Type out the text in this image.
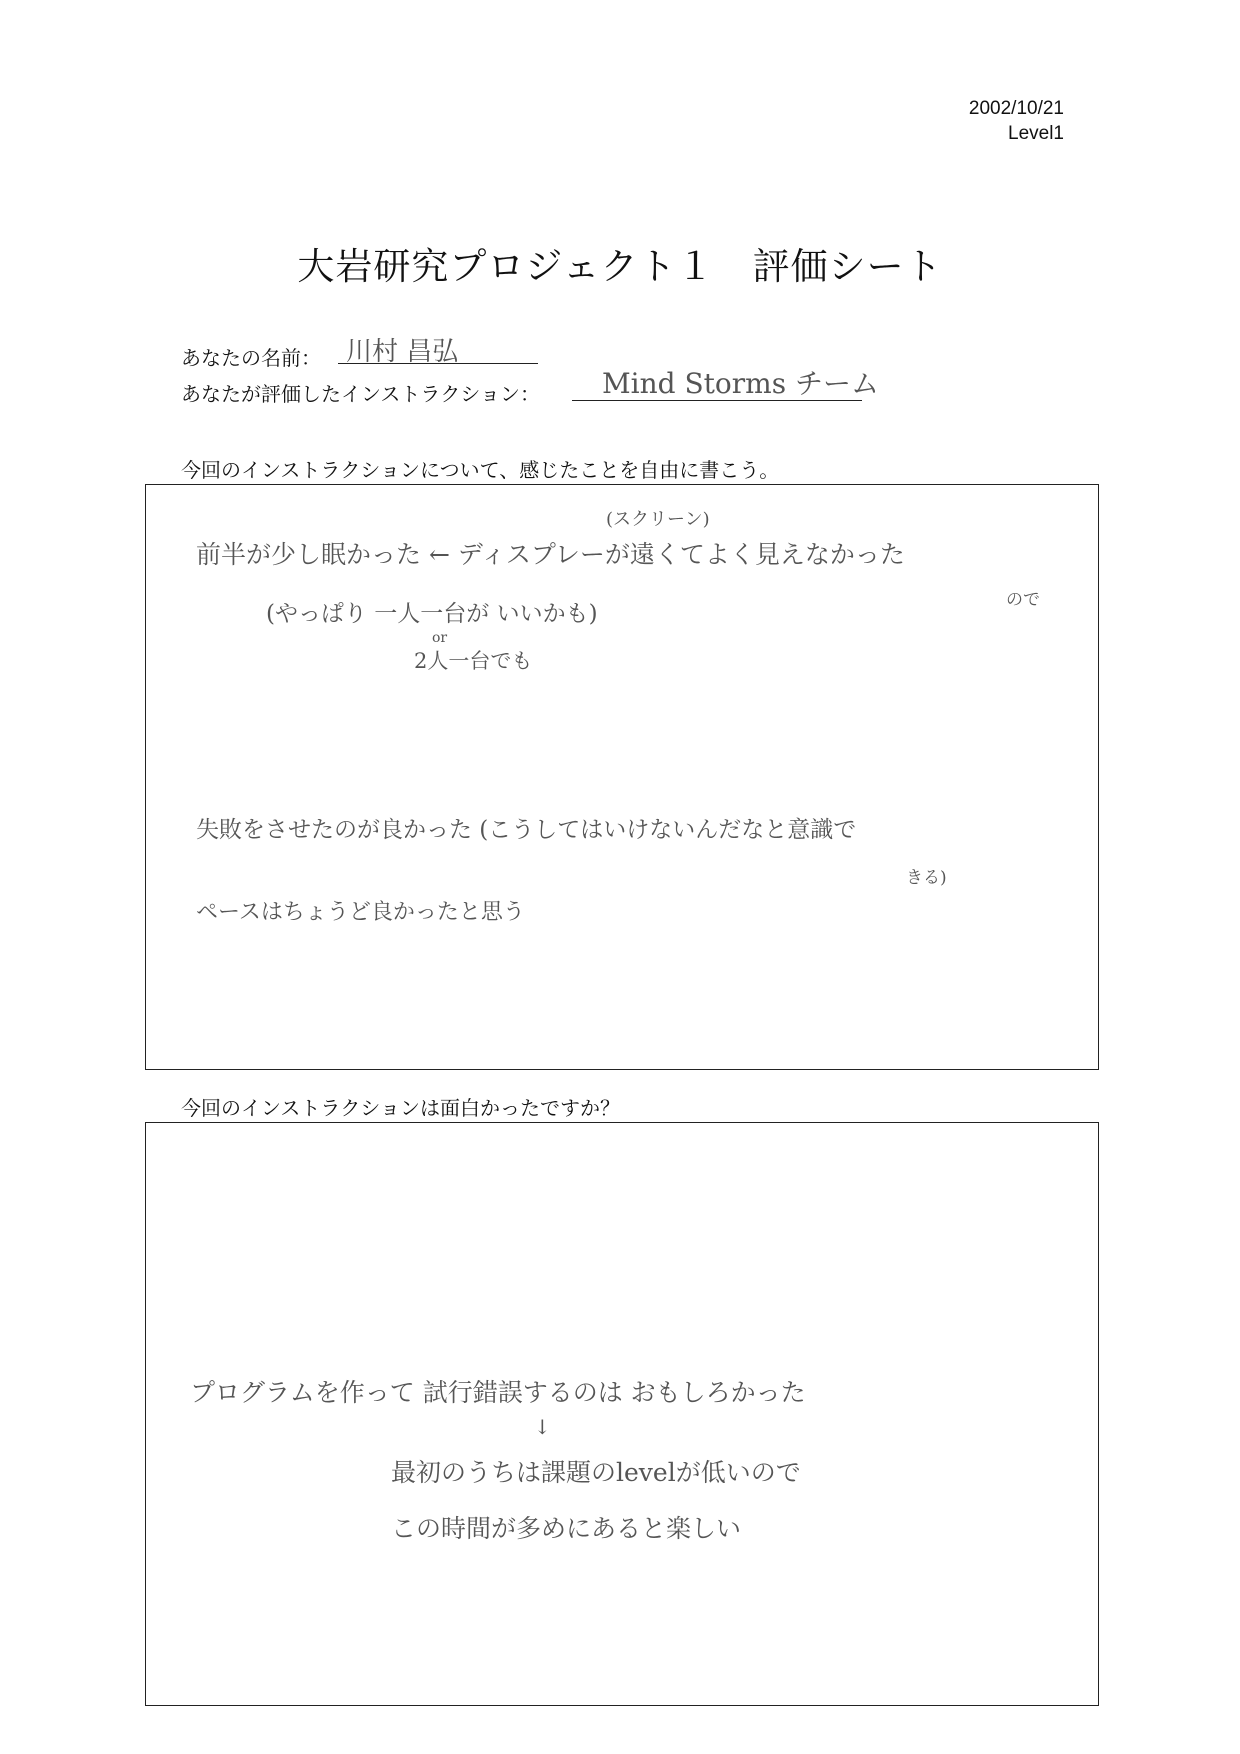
2002/10/21
Level1
大岩研究プロジェクト１　評価シート
あなたの名前： 川村 昌弘
あなたが評価したインストラクション： Mind Storms チーム
今回のインストラクションについて、感じたことを自由に書こう。
(スクリーン)
前半が少し眠かった ← ディスプレーが遠くてよく見えなかった
ので
(やっぱり 一人一台が いいかも)
or
2人一台でも
失敗をさせたのが良かった (こうしてはいけないんだなと意識で
きる)
ペースはちょうど良かったと思う
今回のインストラクションは面白かったですか？
プログラムを作って 試行錯誤するのは おもしろかった
↓
最初のうちは課題のlevelが低いので
この時間が多めにあると楽しい
